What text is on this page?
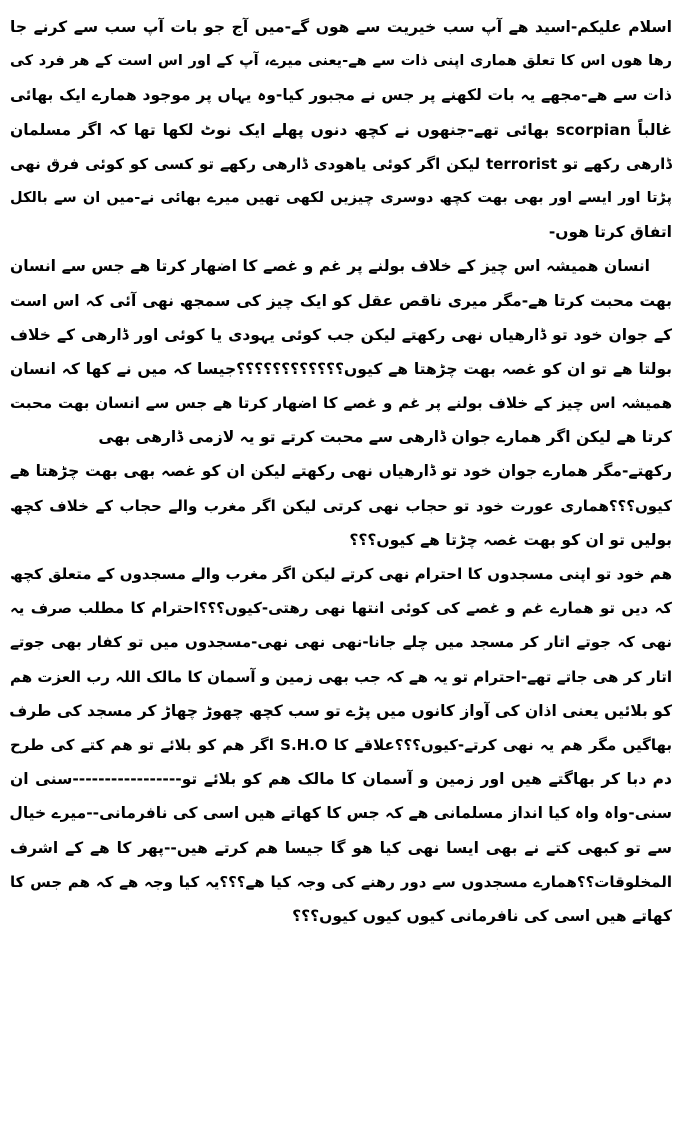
اسلام علیکم-اسید ھے آپ سب خیریت سے ھوں گے-میں آج جو بات آپ سب سے کرنے جا
رھا ھوں اس کا تعلق ھماری اپنی ذات سے ھے-یعنی میرے، آپ کے اور اس است کے ھر فرد کی
ذات سے ھے-مجھے یہ بات لکھنے پر جس نے مجبور کیا-وہ یہاں پر موجود ھمارے ایک بھائی
غالباً scorpian بھائی تھے-جنھوں نے کچھ دنوں پھلے ایک نوٹ لکھا تھا کہ اگر مسلمان
ڈارھی رکھے تو terrorist لیکن اگر کوئی یاھودی ڈارھی رکھے تو کسی کو کوئی فرق نھی
پڑتا اور ایسے اور بھی بھت کچھ دوسری چیزیں لکھی تھیں میرے بھائی نے-میں ان سے بالکل
اتفاق کرتا ھوں-
انسان ھمیشہ اس چیز کے خلاف بولنے پر غم و غصے کا اضھار کرتا ھے جس سے انسان
بھت محبت کرتا ھے-مگر میری ناقص عقل کو ایک چیز کی سمجھ نھی آئی کہ اس است
کے جوان خود تو ڈارھیاں نھی رکھتے لیکن جب کوئی یہودی یا کوئی اور ڈارھی کے خلاف
بولتا ھے تو ان کو غصہ بھت چڑھتا ھے کیوں؟؟؟؟؟؟؟؟؟؟؟؟جیسا کہ میں نے کھا کہ انسان
ھمیشہ اس چیز کے خلاف بولنے پر غم و غصے کا اضھار کرتا ھے جس سے انسان بھت محبت
کرتا ھے لیکن اگر ھمارے جوان ڈارھی سے محبت کرتے تو یہ لازمی ڈارھی بھی
رکھتے-مگر ھمارے جوان خود تو ڈارھیاں نھی رکھتے لیکن ان کو غصہ بھی بھت چڑھتا ھے
کیوں؟؟؟ھماری عورت خود تو حجاب نھی کرتی لیکن اگر مغرب والے حجاب کے خلاف کچھ
بولیں تو ان کو بھت غصہ چڑتا ھے کیوں؟؟؟
ھم خود تو اپنی مسجدوں کا احترام نھی کرتے لیکن اگر مغرب والے مسجدوں کے متعلق کچھ
کہ دیں تو ھمارے غم و غصے کی کوئی انتھا نھی رھتی-کیوں؟؟؟احترام کا مطلب صرف یہ
نھی کہ جوتے اتار کر مسجد میں چلے جانا-نھی نھی نھی-مسجدوں میں تو کفار بھی جوتے
اتار کر ھی جاتے تھے-احترام تو یہ ھے کہ جب بھی زمین و آسمان کا مالک اللہ رب العزت ھم
کو بلائیں یعنی اذان کی آواز کانوں میں پڑے تو سب کچھ چھوڑ چھاڑ کر مسجد کی طرف
بھاگیں مگر ھم یہ نھی کرتے-کیوں؟؟؟علاقے کا S.H.O اگر ھم کو بلائے تو ھم کتے کی طرح
دم دبا کر بھاگتے ھیں اور زمین و آسمان کا مالک ھم کو بلائے تو-----------------سنی ان
سنی-واہ واہ کیا انداز مسلمانی ھے کہ جس کا کھاتے ھیں اسی کی نافرمانی--میرے خیال
سے تو کبھی کتے نے بھی ایسا نھی کیا ھو گا جیسا ھم کرتے ھیں--پھر کا ھے کے اشرف
المخلوقات؟؟ھمارے مسجدوں سے دور رھنے کی وجہ کیا ھے؟؟؟یہ کیا وجہ ھے کہ ھم جس کا
کھاتے ھیں اسی کی نافرمانی کیوں کیوں کیوں؟؟؟
